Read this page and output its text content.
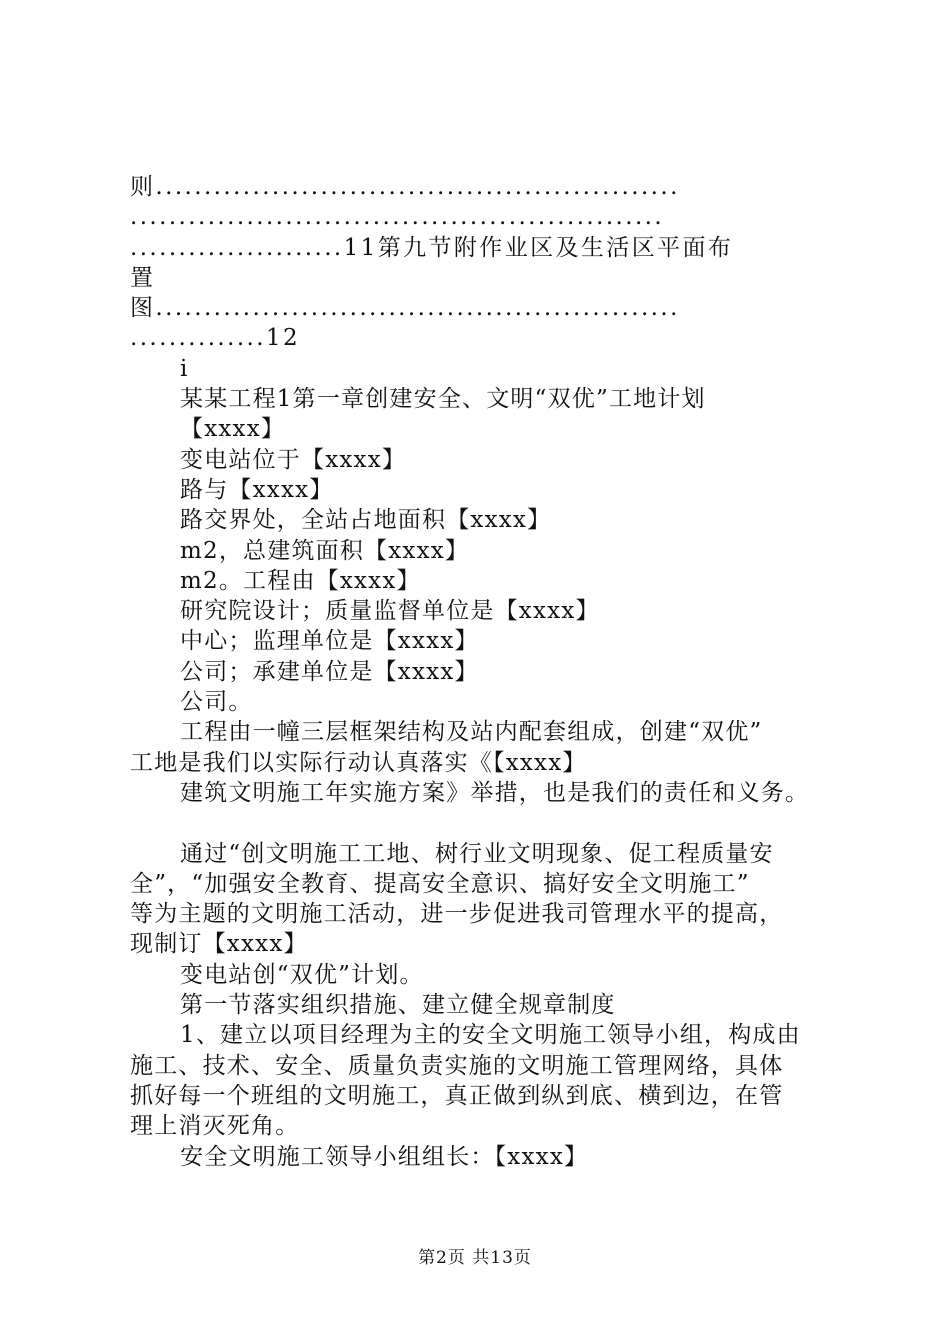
则......................................................
.......................................................
......................11第九节附作业区及生活区平面布
置
图......................................................
..............12
i
某某工程1第一章创建安全、文明“双优”工地计划
【xxxx】
变电站位于【xxxx】
路与【xxxx】
路交界处，全站占地面积【xxxx】
m2，总建筑面积【xxxx】
m2。工程由【xxxx】
研究院设计；质量监督单位是【xxxx】
中心；监理单位是【xxxx】
公司；承建单位是【xxxx】
公司。
工程由一幢三层框架结构及站内配套组成，创建“双优”
工地是我们以实际行动认真落实《【xxxx】
建筑文明施工年实施方案》举措，也是我们的责任和义务。
通过“创文明施工工地、树行业文明现象、促工程质量安
全”，“加强安全教育、提高安全意识、搞好安全文明施工”
等为主题的文明施工活动，进一步促进我司管理水平的提高，
现制订【xxxx】
变电站创“双优”计划。
第一节落实组织措施、建立健全规章制度
1、建立以项目经理为主的安全文明施工领导小组，构成由
施工、技术、安全、质量负责实施的文明施工管理网络，具体
抓好每一个班组的文明施工，真正做到纵到底、横到边，在管
理上消灭死角。
安全文明施工领导小组组长：【xxxx】
第2页 共13页
